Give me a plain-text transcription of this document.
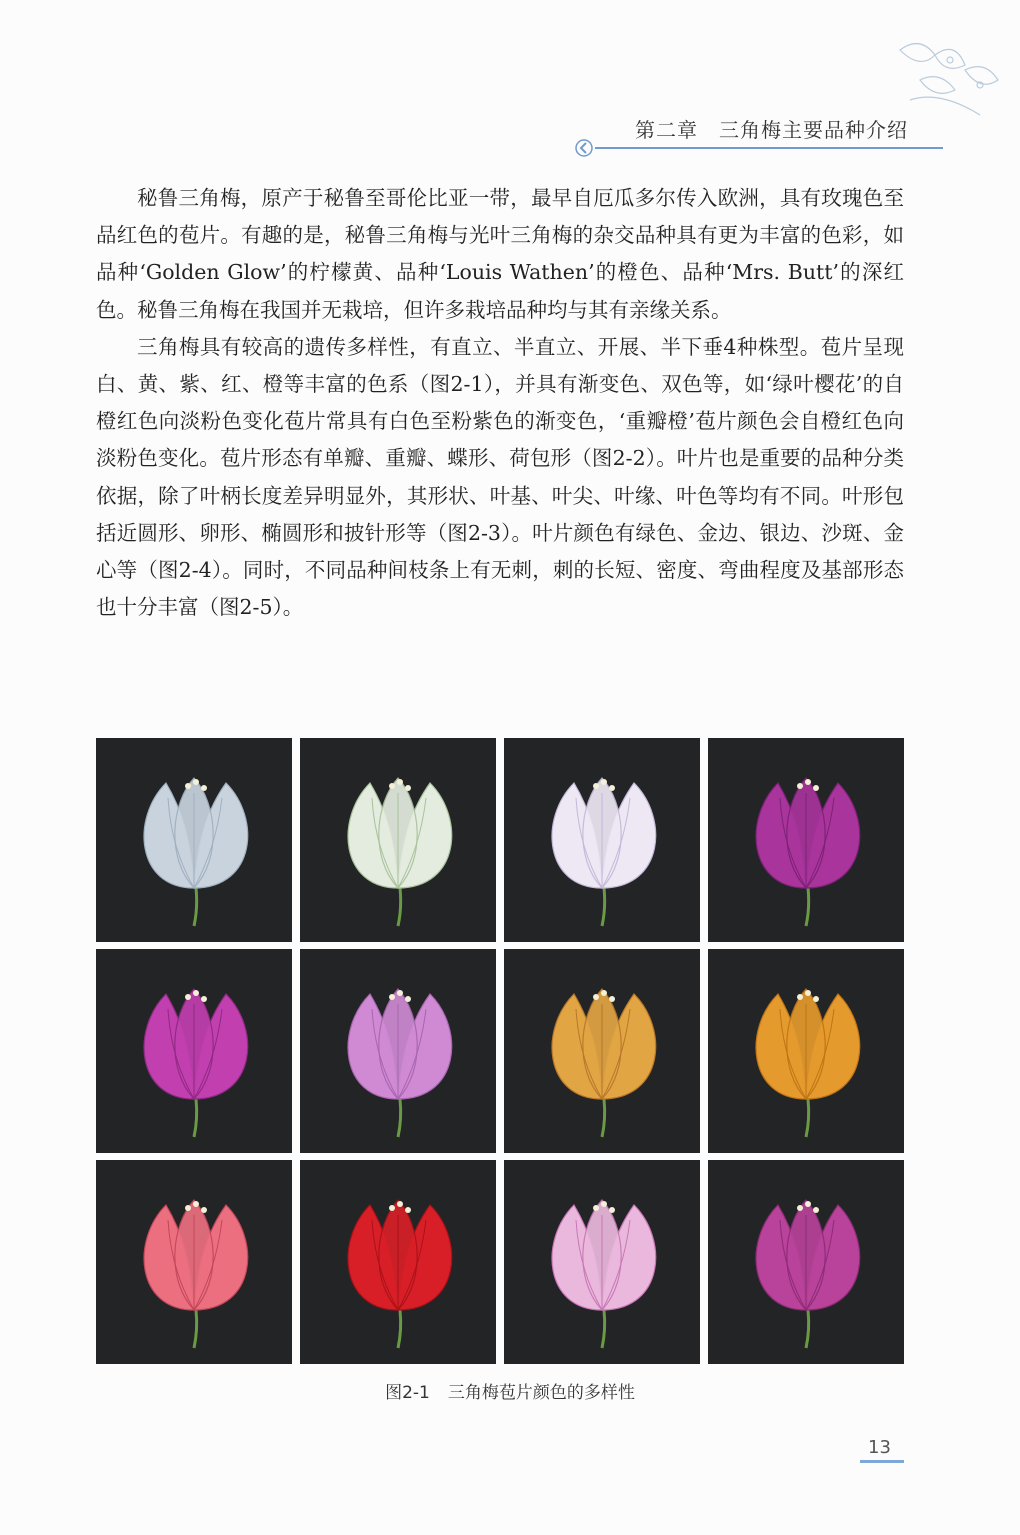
第二章　三角梅主要品种介绍

秘鲁三角梅，原产于秘鲁至哥伦比亚一带，最早自厄瓜多尔传入欧洲，具有玫瑰色至品红色的苞片。有趣的是，秘鲁三角梅与光叶三角梅的杂交品种具有更为丰富的色彩，如品种‘Golden Glow’的柠檬黄、品种‘Louis Wathen’的橙色、品种‘Mrs. Butt’的深红色。秘鲁三角梅在我国并无栽培，但许多栽培品种均与其有亲缘关系。

三角梅具有较高的遗传多样性，有直立、半直立、开展、半下垂4种株型。苞片呈现白、黄、紫、红、橙等丰富的色系（图2-1），并具有渐变色、双色等，如‘绿叶樱花’的自橙红色向淡粉色变化苞片常具有白色至粉紫色的渐变色，‘重瓣橙’苞片颜色会自橙红色向淡粉色变化。苞片形态有单瓣、重瓣、蝶形、荷包形（图2-2）。叶片也是重要的品种分类依据，除了叶柄长度差异明显外，其形状、叶基、叶尖、叶缘、叶色等均有不同。叶形包括近圆形、卵形、椭圆形和披针形等（图2-3）。叶片颜色有绿色、金边、银边、沙斑、金心等（图2-4）。同时，不同品种间枝条上有无刺，刺的长短、密度、弯曲程度及基部形态也十分丰富（图2-5）。

图2-1 三角梅苞片颜色的多样性
13
